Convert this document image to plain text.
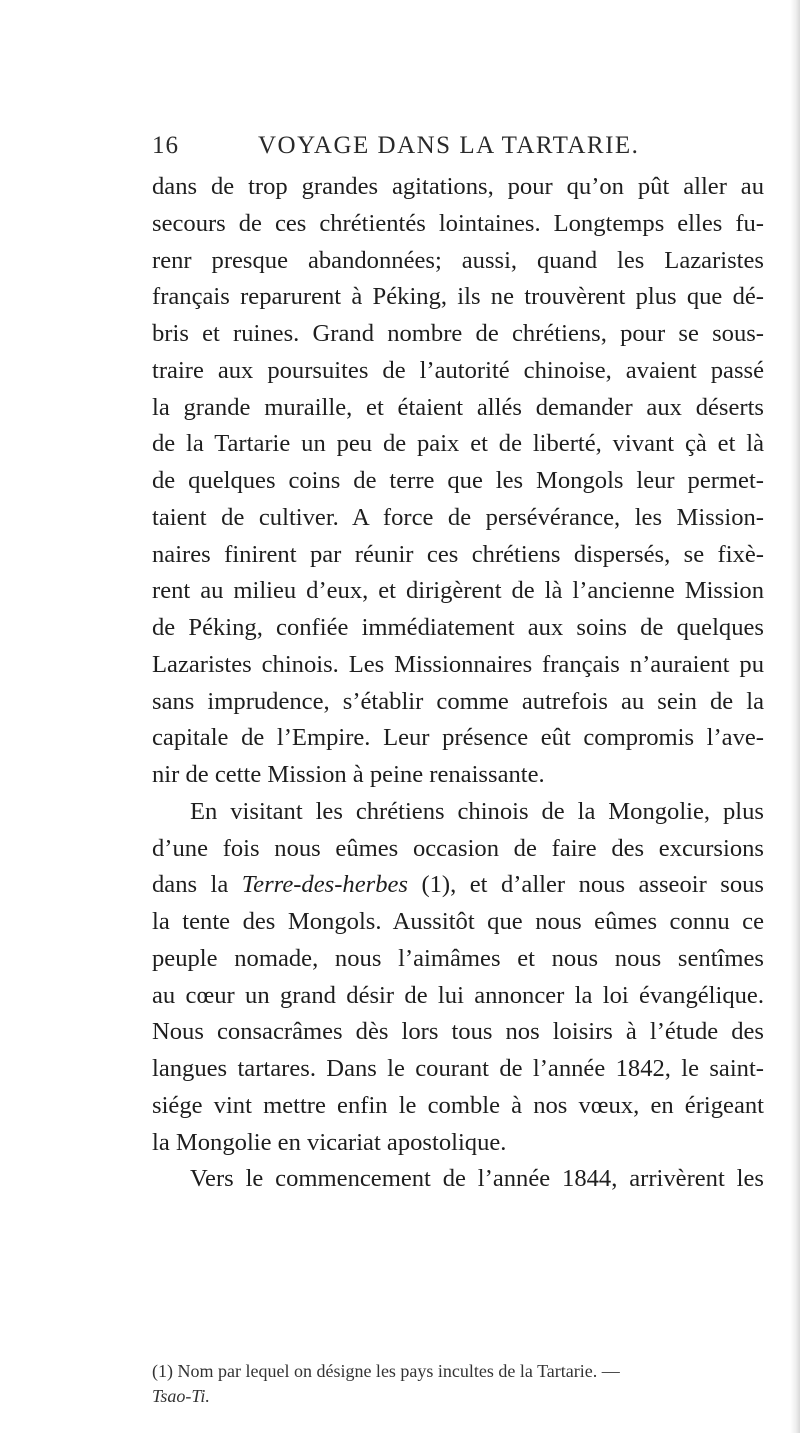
16	VOYAGE DANS LA TARTARIE.
dans de trop grandes agitations, pour qu’on pût aller au
secours de ces chrétientés lointaines. Longtemps elles fu-
renr presque abandonnées; aussi, quand les Lazaristes
français reparurent à Péking, ils ne trouvèrent plus que dé-
bris et ruines. Grand nombre de chrétiens, pour se sous-
traire aux poursuites de l’autorité chinoise, avaient passé
la grande muraille, et étaient allés demander aux déserts
de la Tartarie un peu de paix et de liberté, vivant çà et là
de quelques coins de terre que les Mongols leur permet-
taient de cultiver. A force de persévérance, les Mission-
naires finirent par réunir ces chrétiens dispersés, se fixè-
rent au milieu d’eux, et dirigèrent de là l’ancienne Mission
de Péking, confiée immédiatement aux soins de quelques
Lazaristes chinois. Les Missionnaires français n’auraient pu
sans imprudence, s’établir comme autrefois au sein de la
capitale de l’Empire. Leur présence eût compromis l’ave-
nir de cette Mission à peine renaissante.
En visitant les chrétiens chinois de la Mongolie, plus
d’une fois nous eûmes occasion de faire des excursions
dans la Terre-des-herbes (1), et d’aller nous asseoir sous
la tente des Mongols. Aussitôt que nous eûmes connu ce
peuple nomade, nous l’aimâmes et nous nous sentîmes
au cœur un grand désir de lui annoncer la loi évangélique.
Nous consacrâmes dès lors tous nos loisirs à l’étude des
langues tartares. Dans le courant de l’année 1842, le saint-
siége vint mettre enfin le comble à nos vœux, en érigeant
la Mongolie en vicariat apostolique.
Vers le commencement de l’année 1844, arrivèrent les
(1) Nom par lequel on désigne les pays incultes de la Tartarie. —
Tsao-Ti.
